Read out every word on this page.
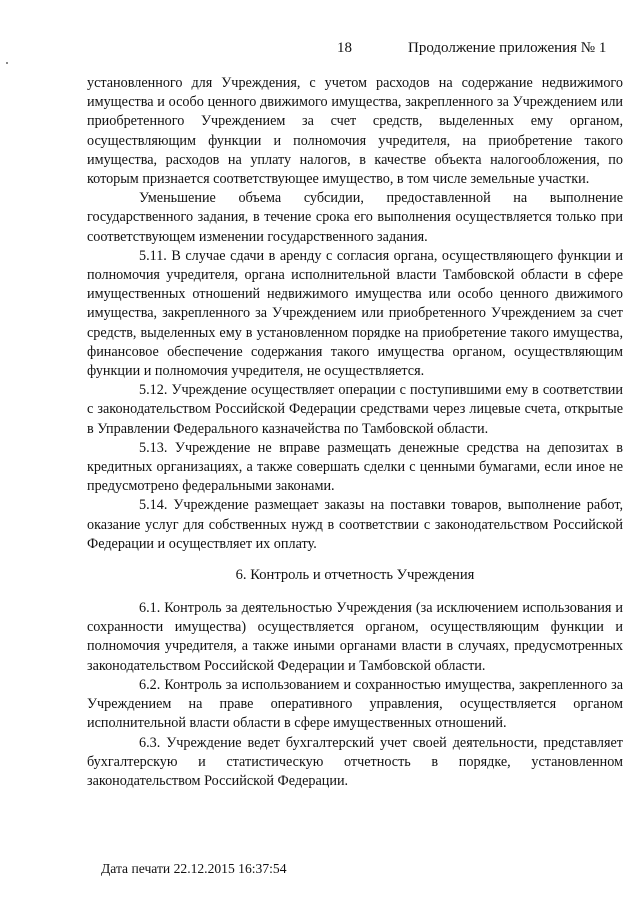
18	Продолжение приложения № 1

установленного для Учреждения, с учетом расходов на содержание недвижимого имущества и особо ценного движимого имущества, закрепленного за Учреждением или приобретенного Учреждением за счет средств, выделенных ему органом, осуществляющим функции и полномочия учредителя, на приобретение такого имущества, расходов на уплату налогов, в качестве объекта налогообложения, по которым признается соответствующее имущество, в том числе земельные участки.

Уменьшение объема субсидии, предоставленной на выполнение государственного задания, в течение срока его выполнения осуществляется только при соответствующем изменении государственного задания.

5.11. В случае сдачи в аренду с согласия органа, осуществляющего функции и полномочия учредителя, органа исполнительной власти Тамбовской области в сфере имущественных отношений недвижимого имущества или особо ценного движимого имущества, закрепленного за Учреждением или приобретенного Учреждением за счет средств, выделенных ему в установленном порядке на приобретение такого имущества, финансовое обеспечение содержания такого имущества органом, осуществляющим функции и полномочия учредителя, не осуществляется.

5.12. Учреждение осуществляет операции с поступившими ему в соответствии с законодательством Российской Федерации средствами через лицевые счета, открытые в Управлении Федерального казначейства по Тамбовской области.

5.13. Учреждение не вправе размещать денежные средства на депозитах в кредитных организациях, а также совершать сделки с ценными бумагами, если иное не предусмотрено федеральными законами.

5.14. Учреждение размещает заказы на поставки товаров, выполнение работ, оказание услуг для собственных нужд в соответствии с законодательством Российской Федерации и осуществляет их оплату.

6. Контроль и отчетность Учреждения

6.1. Контроль за деятельностью Учреждения (за исключением использования и сохранности имущества) осуществляется органом, осуществляющим функции и полномочия учредителя, а также иными органами власти в случаях, предусмотренных законодательством Российской Федерации и Тамбовской области.

6.2. Контроль за использованием и сохранностью имущества, закрепленного за Учреждением на праве оперативного управления, осуществляется органом исполнительной власти области в сфере имущественных отношений.

6.3. Учреждение ведет бухгалтерский учет своей деятельности, представляет бухгалтерскую и статистическую отчетность в порядке, установленном законодательством Российской Федерации.

Дата печати 22.12.2015 16:37:54
